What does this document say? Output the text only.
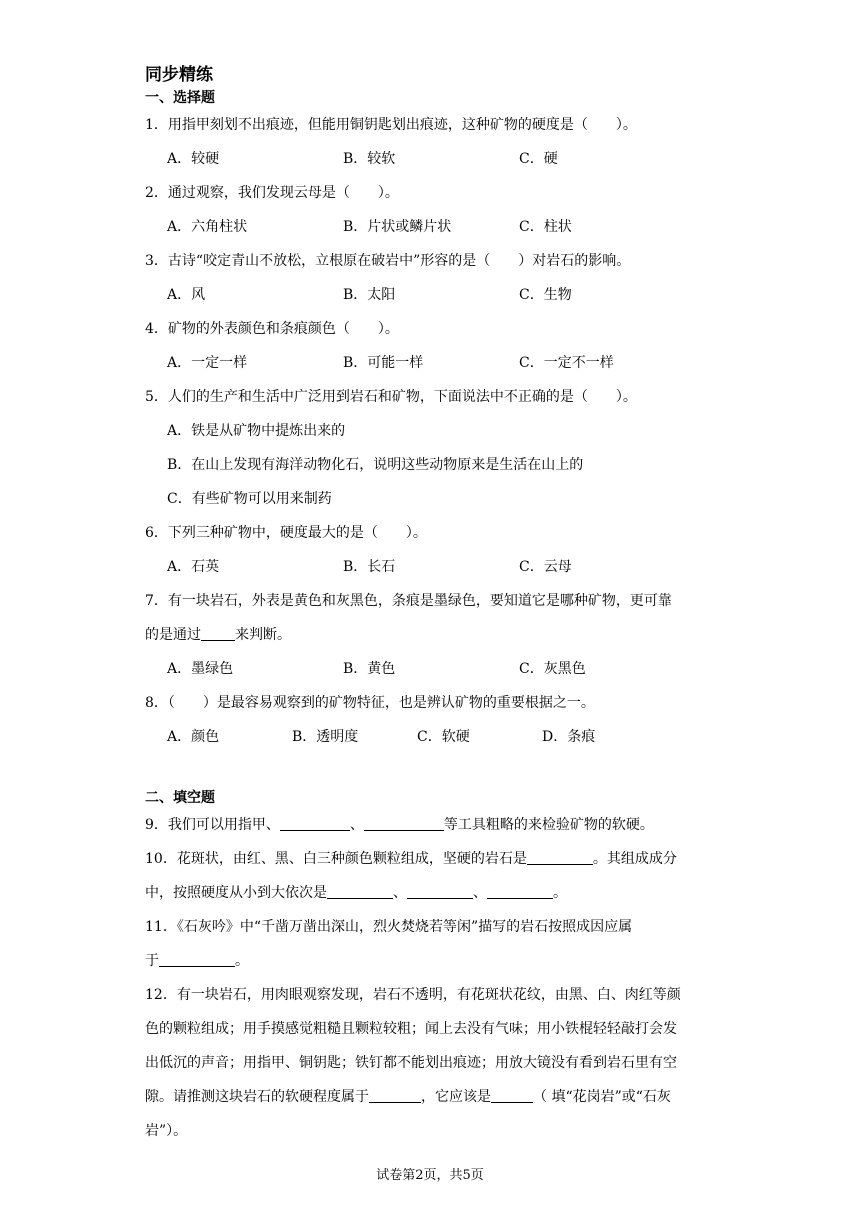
同步精练

一、选择题

1．用指甲刻划不出痕迹，但能用铜钥匙划出痕迹，这种矿物的硬度是（　　）。

A．较硬	B．较软	C．硬

2．通过观察，我们发现云母是（　　）。

A．六角柱状	B．片状或鳞片状	C．柱状

3．古诗“咬定青山不放松，立根原在破岩中”形容的是（　　）对岩石的影响。

A．风	B．太阳	C．生物

4．矿物的外表颜色和条痕颜色（　　）。

A．一定一样	B．可能一样	C．一定不一样

5．人们的生产和生活中广泛用到岩石和矿物，下面说法中不正确的是（　　）。

A．铁是从矿物中提炼出来的
B．在山上发现有海洋动物化石，说明这些动物原来是生活在山上的
C．有些矿物可以用来制药

6．下列三种矿物中，硬度最大的是（　　）。

A．石英	B．长石	C．云母

7．有一块岩石，外表是黄色和灰黑色，条痕是墨绿色，要知道它是哪种矿物，更可靠

的是通过 来判断。

A．墨绿色	B．黄色	C．灰黑色

8．（　　）是最容易观察到的矿物特征，也是辨认矿物的重要根据之一。

A．颜色	B．透明度	C．软硬	D．条痕

二、填空题

9．我们可以用指甲、	、	等工具粗略的来检验矿物的软硬。

10．花斑状，由红、黑、白三种颜色颗粒组成，坚硬的岩石是	。其组成成分

中，按照硬度从小到大依次是	、	、	。

11．《石灰吟》中“千凿万凿出深山，烈火焚烧若等闲”描写的岩石按照成因应属

于	。

12．有一块岩石，用肉眼观察发现，岩石不透明，有花斑状花纹，由黑、白、肉红等颜

色的颗粒组成；用手摸感觉粗糙且颗粒较粗；闻上去没有气味；用小铁棍轻轻敲打会发

出低沉的声音；用指甲、铜钥匙；铁钉都不能划出痕迹；用放大镜没有看到岩石里有空

隙。请推测这块岩石的软硬程度属于	，它应该是	（ 填“花岗岩”或“石灰

岩”）。

试卷第2页，共5页
